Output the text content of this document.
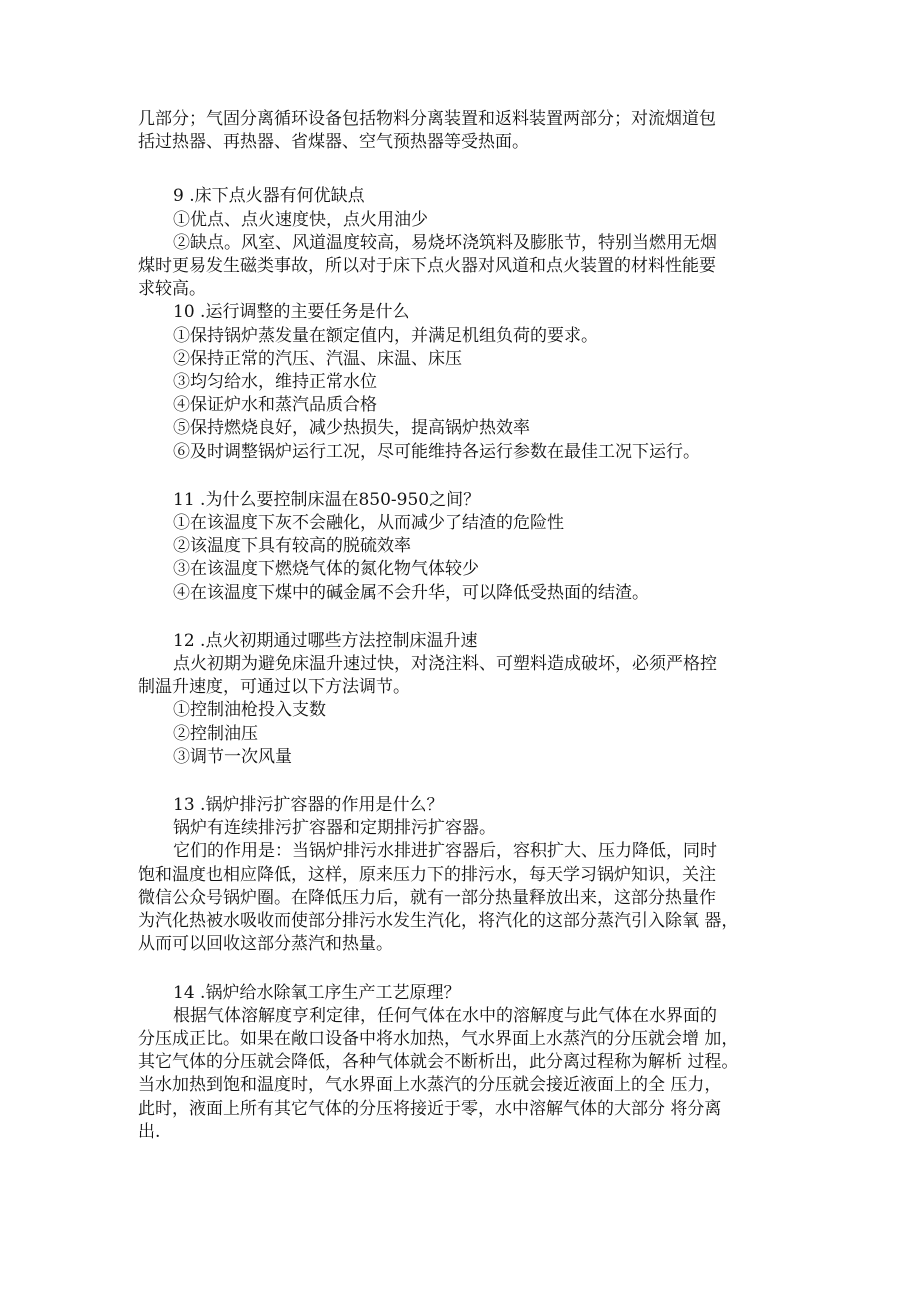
几部分；气固分离循环设备包括物料分离装置和返料装置两部分；对流烟道包

括过热器、再热器、省煤器、空气预热器等受热面。

9 .床下点火器有何优缺点

①优点、点火速度快，点火用油少

②缺点。风室、风道温度较高，易烧坏浇筑料及膨胀节，特别当燃用无烟

煤时更易发生磁类事故，所以对于床下点火器对风道和点火装置的材料性能要

求较高。

10 .运行调整的主要任务是什么

①保持锅炉蒸发量在额定值内，并满足机组负荷的要求。

②保持正常的汽压、汽温、床温、床压

③均匀给水，维持正常水位

④保证炉水和蒸汽品质合格

⑤保持燃烧良好，减少热损失，提高锅炉热效率

⑥及时调整锅炉运行工况，尽可能维持各运行参数在最佳工况下运行。

11 .为什么要控制床温在850-950之间？

①在该温度下灰不会融化，从而减少了结渣的危险性

②该温度下具有较高的脱硫效率

③在该温度下燃烧气体的氮化物气体较少

④在该温度下煤中的碱金属不会升华，可以降低受热面的结渣。

12 .点火初期通过哪些方法控制床温升速

点火初期为避免床温升速过快，对浇注料、可塑料造成破坏，必须严格控

制温升速度，可通过以下方法调节。

①控制油枪投入支数

②控制油压

③调节一次风量

13 .锅炉排污扩容器的作用是什么？

锅炉有连续排污扩容器和定期排污扩容器。

它们的作用是：当锅炉排污水排进扩容器后，容积扩大、压力降低，同时

饱和温度也相应降低，这样，原来压力下的排污水，每天学习锅炉知识，关注

微信公众号锅炉圈。在降低压力后，就有一部分热量释放出来，这部分热量作

为汽化热被水吸收而使部分排污水发生汽化，将汽化的这部分蒸汽引入除氧 器，

从而可以回收这部分蒸汽和热量。

14 .锅炉给水除氧工序生产工艺原理？

根据气体溶解度亨利定律，任何气体在水中的溶解度与此气体在水界面的

分压成正比。如果在敞口设备中将水加热，气水界面上水蒸汽的分压就会增 加，

其它气体的分压就会降低，各种气体就会不断析出，此分离过程称为解析 过程。

当水加热到饱和温度时，气水界面上水蒸汽的分压就会接近液面上的全 压力，

此时，液面上所有其它气体的分压将接近于零，水中溶解气体的大部分 将分离

出.
